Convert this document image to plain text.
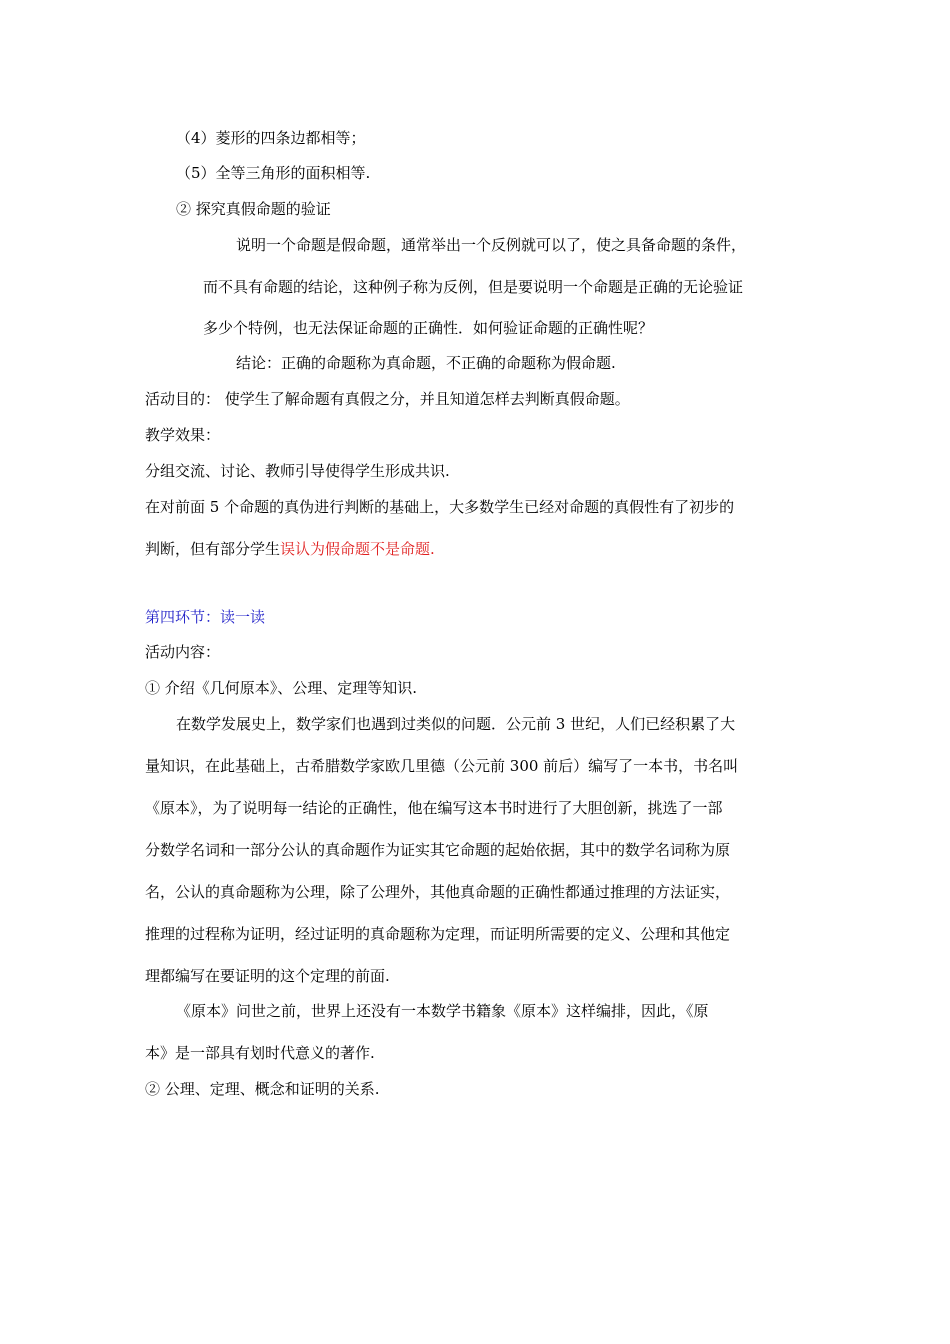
（4）菱形的四条边都相等；

（5）全等三角形的面积相等.

② 探究真假命题的验证

说明一个命题是假命题，通常举出一个反例就可以了，使之具备命题的条件，

而不具有命题的结论，这种例子称为反例，但是要说明一个命题是正确的无论验证

多少个特例，也无法保证命题的正确性．如何验证命题的正确性呢？

结论：正确的命题称为真命题，不正确的命题称为假命题.

活动目的： 使学生了解命题有真假之分，并且知道怎样去判断真假命题。

教学效果：

分组交流、讨论、教师引导使得学生形成共识.

在对前面 5 个命题的真伪进行判断的基础上，大多数学生已经对命题的真假性有了初步的

判断，但有部分学生误认为假命题不是命题.

第四环节：读一读

活动内容：

① 介绍《几何原本》、公理、定理等知识.

在数学发展史上，数学家们也遇到过类似的问题．公元前 3 世纪，人们已经积累了大

量知识，在此基础上，古希腊数学家欧几里德（公元前 300 前后）编写了一本书，书名叫

《原本》，为了说明每一结论的正确性，他在编写这本书时进行了大胆创新，挑选了一部

分数学名词和一部分公认的真命题作为证实其它命题的起始依据，其中的数学名词称为原

名，公认的真命题称为公理，除了公理外，其他真命题的正确性都通过推理的方法证实，

推理的过程称为证明，经过证明的真命题称为定理，而证明所需要的定义、公理和其他定

理都编写在要证明的这个定理的前面.

《原本》问世之前，世界上还没有一本数学书籍象《原本》这样编排，因此，《原

本》是一部具有划时代意义的著作.

② 公理、定理、概念和证明的关系.
